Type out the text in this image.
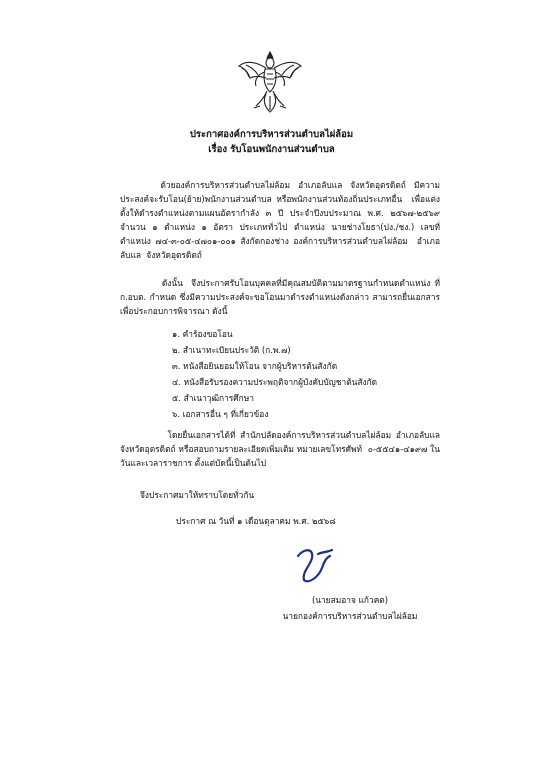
ประกาศองค์การบริหารส่วนตำบลไผ่ล้อม
เรื่อง รับโอนพนักงานส่วนตำบล
ด้วยองค์การบริหารส่วนตำบลไผ่ล้อม  อำเภอลับแล  จังหวัดอุตรดิตถ์  มีความประสงค์จะรับโอน(ย้าย)พนักงานส่วนตำบล หรือพนักงานส่วนท้องถิ่นประเภทอื่น  เพื่อแต่งตั้งให้ดำรงตำแหน่งตามแผนอัตรากำลัง ๓ ปี ประจำปีงบประมาณ พ.ศ. ๒๕๖๗-๒๕๖๙ จำนวน ๑ ตำแหน่ง ๑ อัตรา ประเภททั่วไป ตำแหน่ง นายช่างโยธา(ปง./ชง.) เลขที่ตำแหน่ง ๗๔-๓-๐๕-๔๗๐๑-๐๐๑ สังกัดกองช่าง องค์การบริหารส่วนตำบลไผ่ล้อม  อำเภอลับแล  จังหวัดอุตรดิตถ์
ดังนั้น  จึงประกาศรับโอนบุคคลที่มีคุณสมบัติตามมาตรฐานกำหนดตำแหน่ง ที่ ก.อบต. กำหนด ซึ่งมีความประสงค์จะขอโอนมาดำรงตำแหน่งดังกล่าว สามารถยื่นเอกสารเพื่อประกอบการพิจารณา ดังนี้
๑. คำร้องขอโอน
๒. สำเนาทะเบียนประวัติ (ก.พ.๗)
๓. หนังสือยินยอมให้โอน จากผู้บริหารต้นสังกัด
๔. หนังสือรับรองความประพฤติจากผู้บังคับบัญชาต้นสังกัด
๕. สำเนาวุฒิการศึกษา
๖. เอกสารอื่น ๆ ที่เกี่ยวข้อง
โดยยื่นเอกสารได้ที่ สำนักปลัดองค์การบริหารส่วนตำบลไผ่ล้อม อำเภอลับแล จังหวัดอุตรดิตถ์ หรือสอบถามรายละเอียดเพิ่มเติม หมายเลขโทรศัพท์  ๐-๕๕๔๑-๔๑๙๗ ในวันและเวลาราชการ ตั้งแต่บัดนี้เป็นต้นไป
จึงประกาศมาให้ทราบโดยทั่วกัน
ประกาศ ณ วันที่ ๑ เดือนตุลาคม พ.ศ. ๒๕๖๘
(นายสมอาจ แก้วคต)
นายกองค์การบริหารส่วนตำบลไผ่ล้อม
